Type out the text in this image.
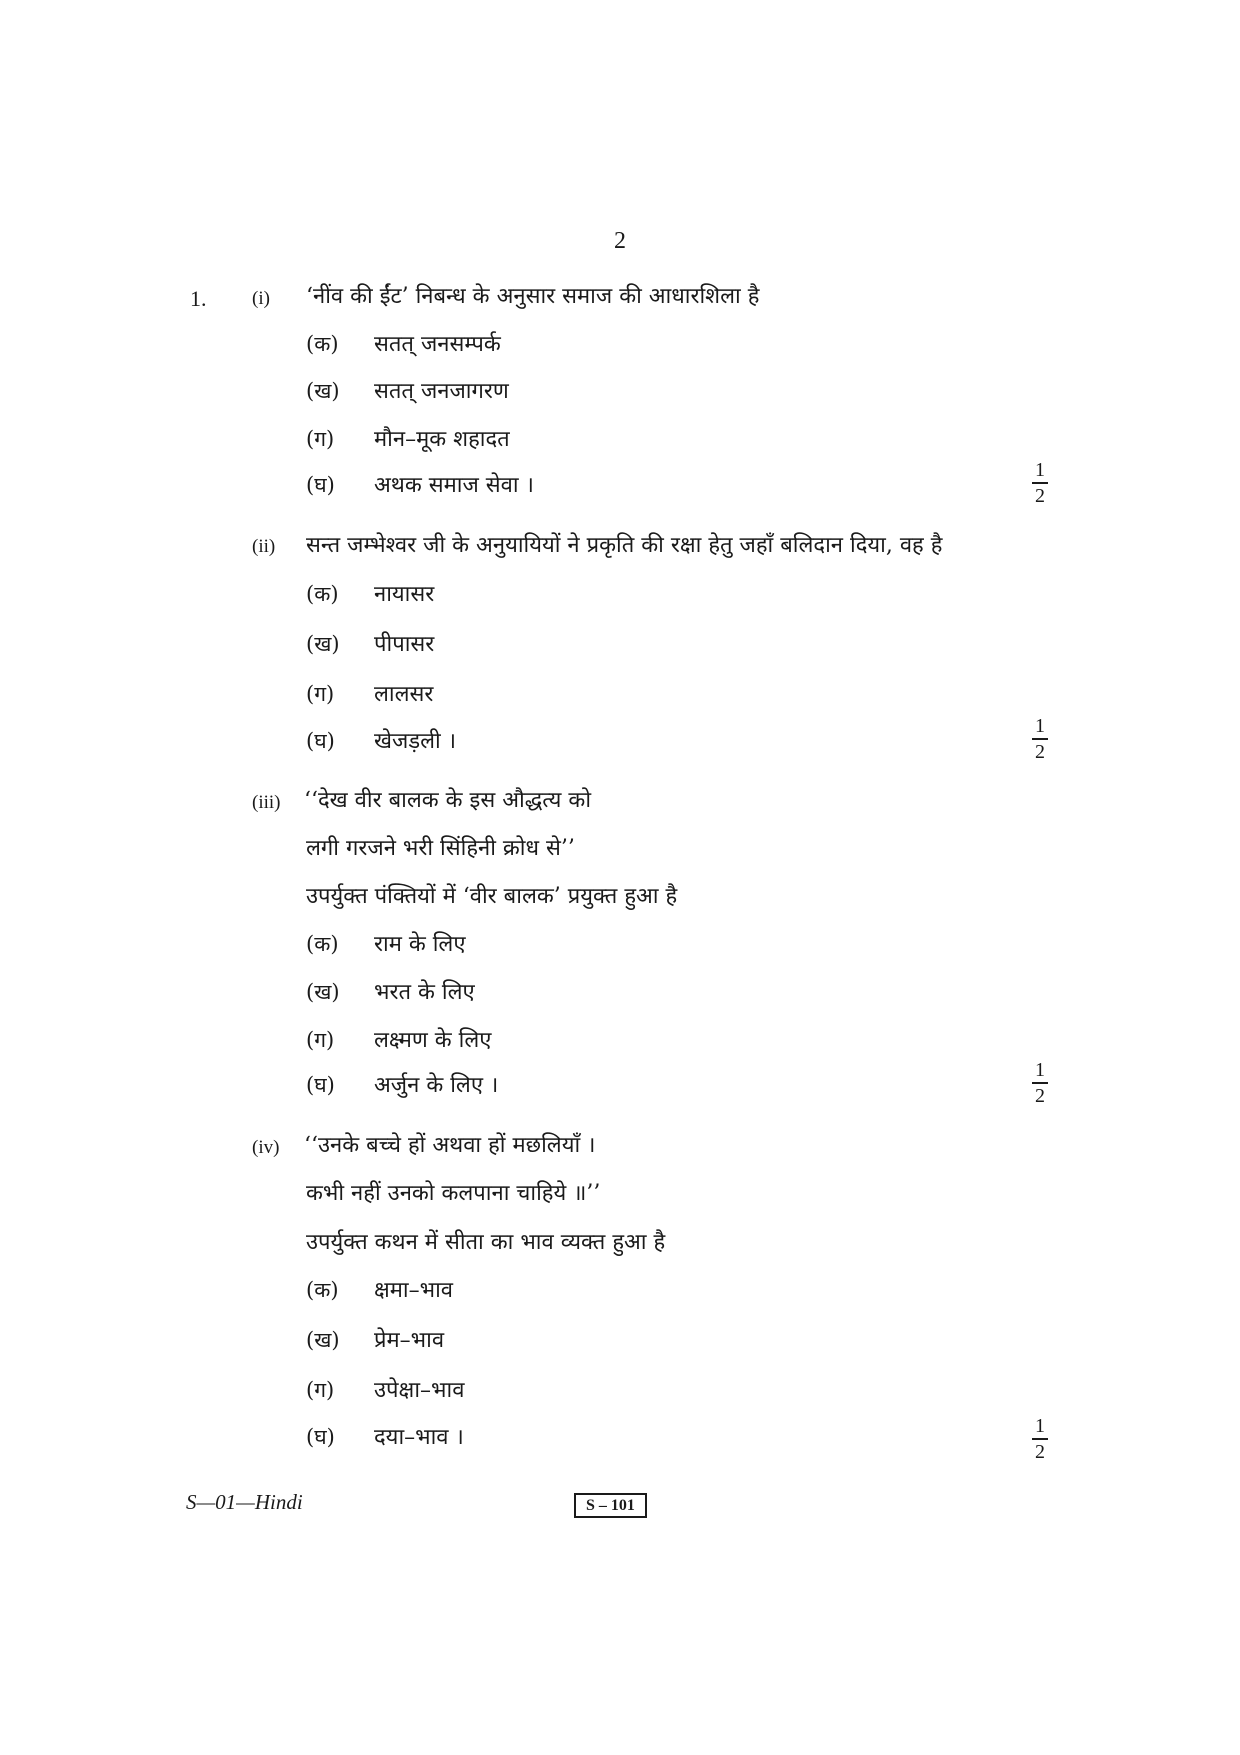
2
1. (i) ‘नींव की ईंट’ निबन्ध के अनुसार समाज की आधारशिला है
(क) सतत् जनसम्पर्क
(ख) सतत् जनजागरण
(ग) मौन–मूक शहादत
(घ) अथक समाज सेवा ।
1
2
(ii) सन्त जम्भेश्वर जी के अनुयायियों ने प्रकृति की रक्षा हेतु जहाँ बलिदान दिया, वह है
(क) नायासर
(ख) पीपासर
(ग) लालसर
(घ) खेजड़ली ।
1
2
(iii) ‘‘देख वीर बालक के इस औद्धत्य को
लगी गरजने भरी सिंहिनी क्रोध से’’
उपर्युक्त पंक्तियों में ‘वीर बालक’ प्रयुक्त हुआ है
(क) राम के लिए
(ख) भरत के लिए
(ग) लक्ष्मण के लिए
(घ) अर्जुन के लिए ।
1
2
(iv) ‘‘उनके बच्चे हों अथवा हों मछलियाँ ।
कभी नहीं उनको कलपाना चाहिये ॥’’
उपर्युक्त कथन में सीता का भाव व्यक्त हुआ है
(क) क्षमा–भाव
(ख) प्रेम–भाव
(ग) उपेक्षा–भाव
(घ) दया–भाव ।	1
2
S—01—Hindi	S – 101
